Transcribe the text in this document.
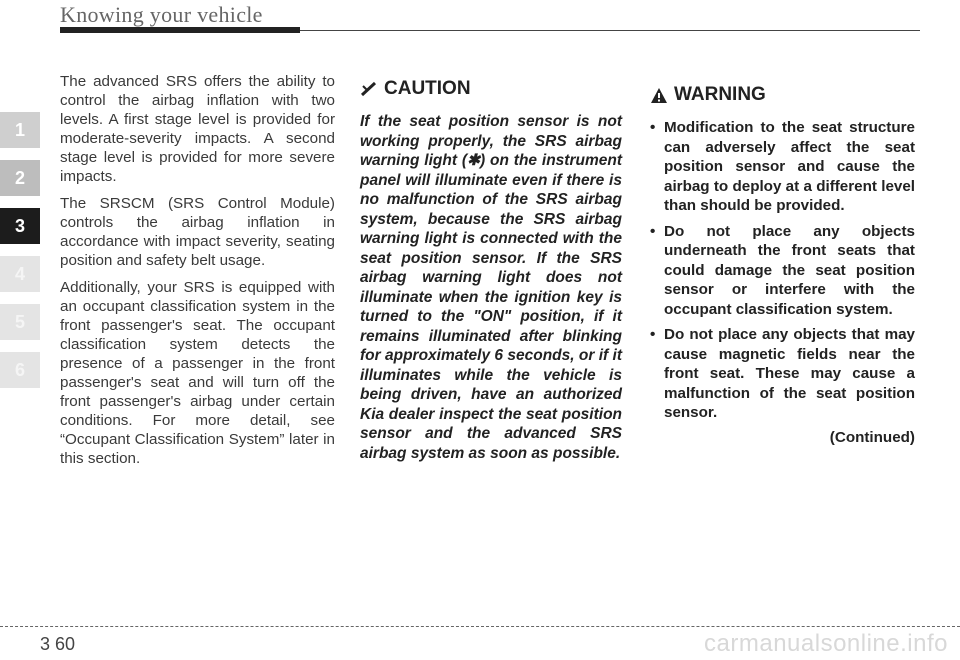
Knowing your vehicle
1
2
3
4
5
6

The advanced SRS offers the ability to control the airbag inflation with two levels. A first stage level is provided for moderate-severity impacts. A second stage level is provided for more severe impacts.

The SRSCM (SRS Control Module) controls the airbag inflation in accordance with impact severity, seating position and safety belt usage.

Additionally, your SRS is equipped with an occupant classification system in the front passenger's seat. The occupant classification system detects the presence of a passenger in the front passenger's seat and will turn off the front passenger's airbag under certain conditions. For more detail, see “Occupant Classification System” later in this section.

CAUTION

If the seat position sensor is not working properly, the SRS airbag warning light (✱) on the instrument panel will illuminate even if there is no malfunction of the SRS airbag system, because the SRS airbag warning light is connected with the seat position sensor. If the SRS airbag warning light does not illuminate when the ignition key is turned to the "ON" position, if it remains illuminated after blinking for approximately 6 seconds, or if it illuminates while the vehicle is being driven, have an authorized Kia dealer inspect the seat position sensor and the advanced SRS airbag system as soon as possible.

WARNING
• Modification to the seat structure can adversely affect the seat position sensor and cause the airbag to deploy at a different level than should be provided.
• Do not place any objects underneath the front seats that could damage the seat position sensor or interfere with the occupant classification system.
• Do not place any objects that may cause magnetic fields near the front seat. These may cause a malfunction of the seat position sensor.
(Continued)
3 60	carmanualsonline.info
